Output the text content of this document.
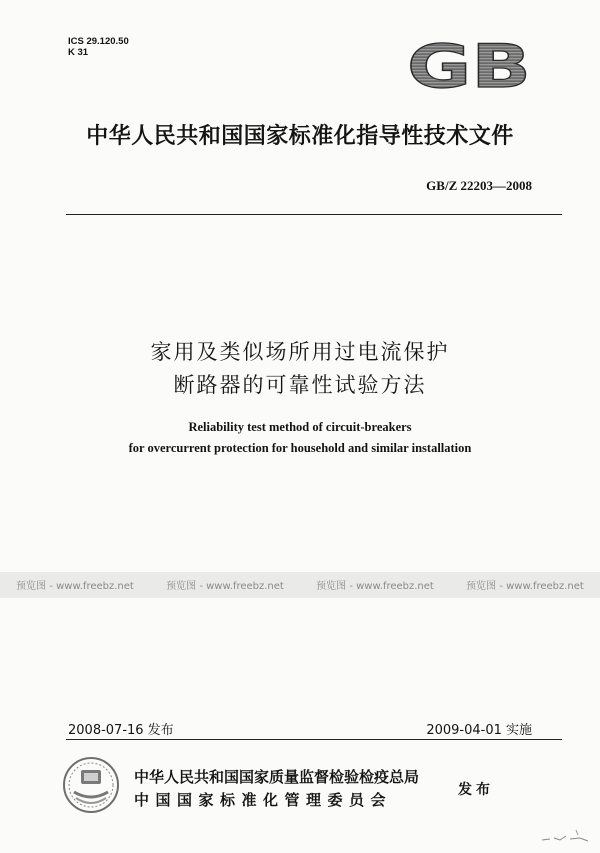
ICS 29.120.50
K 31	GB
中华人民共和国国家标准化指导性技术文件
GB/Z 22203—2008
家用及类似场所用过电流保护
断路器的可靠性试验方法
Reliability test method of circuit-breakers
for overcurrent protection for household and similar installation
预览图 - www.freebz.net	预览图 - www.freebz.net	预览图 - www.freebz.net	预览图 - www.freebz.net
2008-07-16 发布	2009-04-01 实施
中华人民共和国国家质量监督检验检疫总局
中国国家标准化管理委员会
发布
